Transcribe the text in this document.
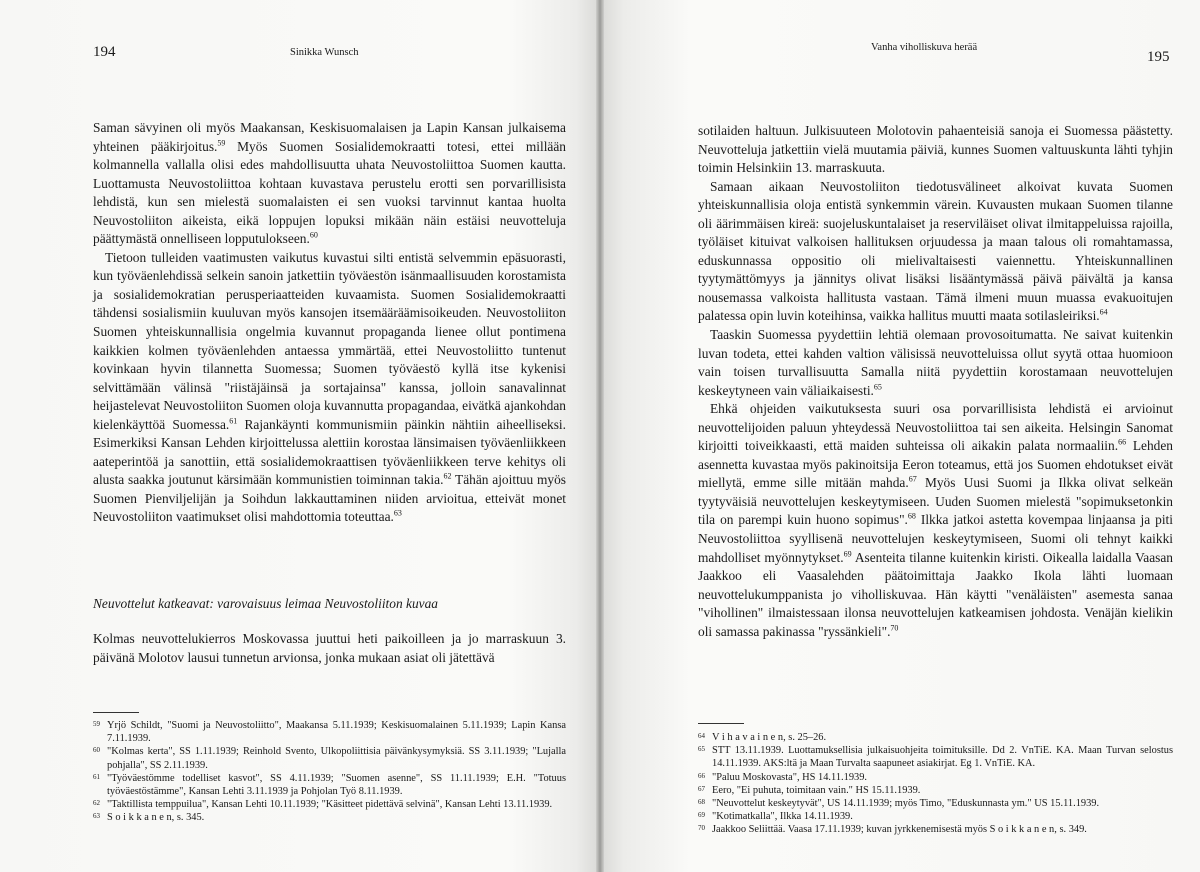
194	Sinikka Wunsch

Saman sävyinen oli myös Maakansan, Keskisuomalaisen ja Lapin Kansan julkaisema yhteinen pääkirjoitus.$^{59}$ Myös Suomen Sosialidemokraatti totesi, ettei millään kolmannella vallalla olisi edes mahdollisuutta uhata Neuvostoliittoa Suomen kautta. Luottamusta Neuvostoliittoa kohtaan kuvastava perustelu erotti sen porvarillisista lehdistä, kun sen mielestä suomalaisten ei sen vuoksi tarvinnut kantaa huolta Neuvostoliiton aikeista, eikä loppujen lopuksi mikään näin estäisi neuvotteluja päättymästä onnelliseen lopputulokseen.$^{60}$

Tietoon tulleiden vaatimusten vaikutus kuvastui silti entistä selvemmin epäsuorasti, kun työväenlehdissä selkein sanoin jatkettiin työväestön isänmaallisuuden korostamista ja sosialidemokratian perusperiaatteiden kuvaamista. Suomen Sosialidemokraatti tähdensi sosialismiin kuuluvan myös kansojen itsemääräämisoikeuden. Neuvostoliiton Suomen yhteiskunnallisia ongelmia kuvannut propaganda lienee ollut pontimena kaikkien kolmen työväenlehden antaessa ymmärtää, ettei Neuvostoliitto tuntenut kovinkaan hyvin tilannetta Suomessa; Suomen työväestö kyllä itse kykenisi selvittämään välinsä "riistäjäinsä ja sortajainsa" kanssa, jolloin sanavalinnat heijastelevat Neuvostoliiton Suomen oloja kuvannutta propagandaa, eivätkä ajankohdan kielenkäyttöä Suomessa.$^{61}$ Rajankäynti kommunismiin päinkin nähtiin aiheelliseksi. Esimerkiksi Kansan Lehden kirjoittelussa alettiin korostaa länsimaisen työväenliikkeen aateperintöä ja sanottiin, että sosialidemokraattisen työväenliikkeen terve kehitys oli alusta saakka joutunut kärsimään kommunistien toiminnan takia.$^{62}$ Tähän ajoittuu myös Suomen Pienviljelijän ja Soihdun lakkauttaminen niiden arvioitua, etteivät monet Neuvostoliiton vaatimukset olisi mahdottomia toteuttaa.$^{63}$

Neuvottelut katkeavat: varovaisuus leimaa Neuvostoliiton kuvaa

Kolmas neuvottelukierros Moskovassa juuttui heti paikoilleen ja jo marraskuun 3. päivänä Molotov lausui tunnetun arvionsa, jonka mukaan asiat oli jätettävä

59 Yrjö Schildt, "Suomi ja Neuvostoliitto", Maakansa 5.11.1939; Keskisuomalainen 5.11.1939; Lapin Kansa 7.11.1939.
60 "Kolmas kerta", SS 1.11.1939; Reinhold Svento, Ulkopoliittisia päivänkysymyksiä. SS 3.11.1939; "Lujalla pohjalla", SS 2.11.1939.
61 "Työväestömme todelliset kasvot", SS 4.11.1939; "Suomen asenne", SS 11.11.1939; E.H. "Totuus työväestöstämme", Kansan Lehti 3.11.1939 ja Pohjolan Työ 8.11.1939.
62 "Taktillista temppuilua", Kansan Lehti 10.11.1939; "Käsitteet pidettävä selvinä", Kansan Lehti 13.11.1939.
63 S o i k k a n e n, s. 345.
Vanha viholliskuva herää
195

sotilaiden haltuun. Julkisuuteen Molotovin pahaenteisiä sanoja ei Suomessa päästetty. Neuvotteluja jatkettiin vielä muutamia päiviä, kunnes Suomen valtuuskunta lähti tyhjin toimin Helsinkiin 13. marraskuuta.

Samaan aikaan Neuvostoliiton tiedotusvälineet alkoivat kuvata Suomen yhteiskunnallisia oloja entistä synkemmin värein. Kuvausten mukaan Suomen tilanne oli äärimmäisen kireä: suojeluskuntalaiset ja reserviläiset olivat ilmitappeluissa rajoilla, työläiset kituivat valkoisen hallituksen orjuudessa ja maan talous oli romahtamassa, eduskunnassa oppositio oli mielivaltaisesti vaiennettu. Yhteiskunnallinen tyytymättömyys ja jännitys olivat lisäksi lisääntymässä päivä päivältä ja kansa nousemassa valkoista hallitusta vastaan. Tämä ilmeni muun muassa evakuoitujen palatessa opin luvin koteihinsa, vaikka hallitus muutti maata sotilasleiriksi.$^{64}$

Taaskin Suomessa pyydettiin lehtiä olemaan provosoitumatta. Ne saivat kuitenkin luvan todeta, ettei kahden valtion välisissä neuvotteluissa ollut syytä ottaa huomioon vain toisen turvallisuutta Samalla niitä pyydettiin korostamaan neuvottelujen keskeytyneen vain väliaikaisesti.$^{65}$

Ehkä ohjeiden vaikutuksesta suuri osa porvarillisista lehdistä ei arvioinut neuvottelijoiden paluun yhteydessä Neuvostoliittoa tai sen aikeita. Helsingin Sanomat kirjoitti toiveikkaasti, että maiden suhteissa oli aikakin palata normaaliin.$^{66}$ Lehden asennetta kuvastaa myös pakinoitsija Eeron toteamus, että jos Suomen ehdotukset eivät miellytä, emme sille mitään mahda.$^{67}$ Myös Uusi Suomi ja Ilkka olivat selkeän tyytyväisiä neuvottelujen keskeytymiseen. Uuden Suomen mielestä "sopimuksetonkin tila on parempi kuin huono sopimus".$^{68}$ Ilkka jatkoi astetta kovempaa linjaansa ja piti Neuvostoliittoa syyllisenä neuvottelujen keskeytymiseen, Suomi oli tehnyt kaikki mahdolliset myönnytykset.$^{69}$ Asenteita tilanne kuitenkin kiristi. Oikealla laidalla Vaasan Jaakkoo eli Vaasalehden päätoimittaja Jaakko Ikola lähti luomaan neuvottelukumppanista jo viholliskuvaa. Hän käytti "venäläisten" asemesta sanaa "vihollinen" ilmaistessaan ilonsa neuvottelujen katkeamisen johdosta. Venäjän kielikin oli samassa pakinassa "ryssänkieli".$^{70}$

64 V i h a v a i n e n, s. 25–26.
65 STT 13.11.1939. Luottamuksellisia julkaisuohjeita toimituksille. Dd 2. VnTiE. KA. Maan Turvan selostus 14.11.1939. AKS:ltä ja Maan Turvalta saapuneet asiakirjat. Eg 1. VnTiE. KA.
66 "Paluu Moskovasta", HS 14.11.1939.
67 Eero, "Ei puhuta, toimitaan vain." HS 15.11.1939.
68 "Neuvottelut keskeytyvät", US 14.11.1939; myös Timo, "Eduskunnasta ym." US 15.11.1939.
69 "Kotimatkalla", Ilkka 14.11.1939.
70 Jaakkoo Seliittää. Vaasa 17.11.1939; kuvan jyrkkenemisestä myös S o i k k a n e n, s. 349.
